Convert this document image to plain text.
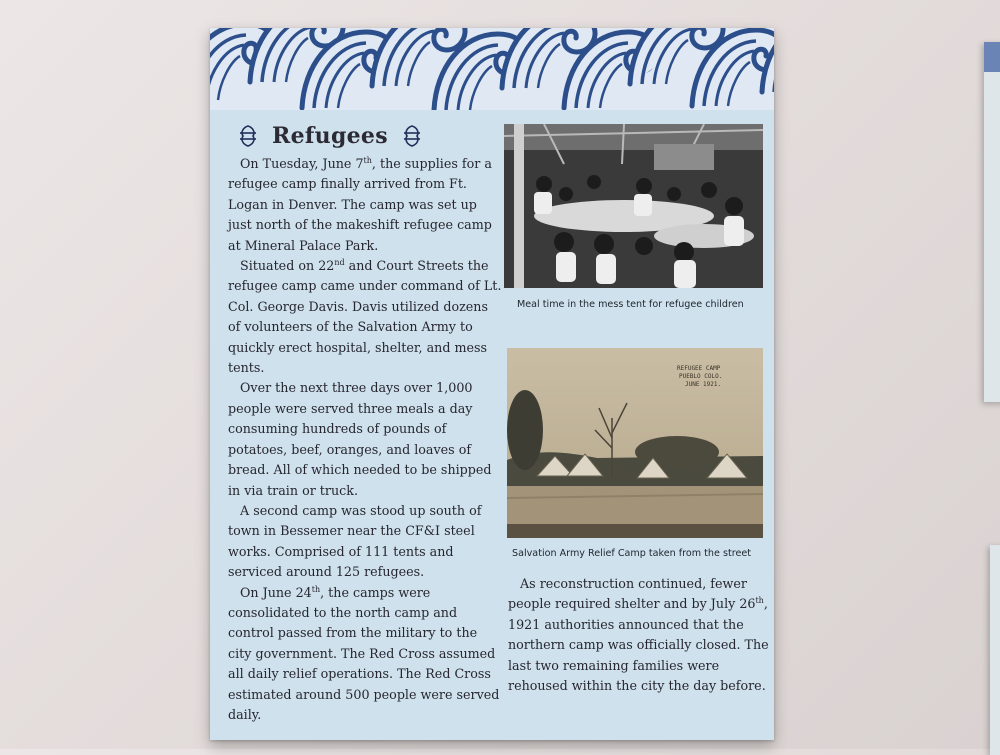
Refugees

On Tuesday, June 7th, the supplies for a refugee camp finally arrived from Ft. Logan in Denver. The camp was set up just north of the makeshift refugee camp at Mineral Palace Park.

Situated on 22nd and Court Streets the refugee camp came under command of Lt. Col. George Davis. Davis utilized dozens of volunteers of the Salvation Army to quickly erect hospital, shelter, and mess tents.

Over the next three days over 1,000 people were served three meals a day consuming hundreds of pounds of potatoes, beef, oranges, and loaves of bread. All of which needed to be shipped in via train or truck.

A second camp was stood up south of town in Bessemer near the CF&I steel works. Comprised of 111 tents and serviced around 125 refugees.

On June 24th, the camps were consolidated to the north camp and control passed from the military to the city government. The Red Cross assumed all daily relief operations. The Red Cross estimated around 500 people were served daily.

Meal time in the mess tent for refugee children
REFUGEE CAMP
PUEBLO COLO.
JUNE 1921.
Salvation Army Relief Camp taken from the street

As reconstruction continued, fewer people required shelter and by July 26th, 1921 authorities announced that the northern camp was officially closed. The last two remaining families were rehoused within the city the day before.
